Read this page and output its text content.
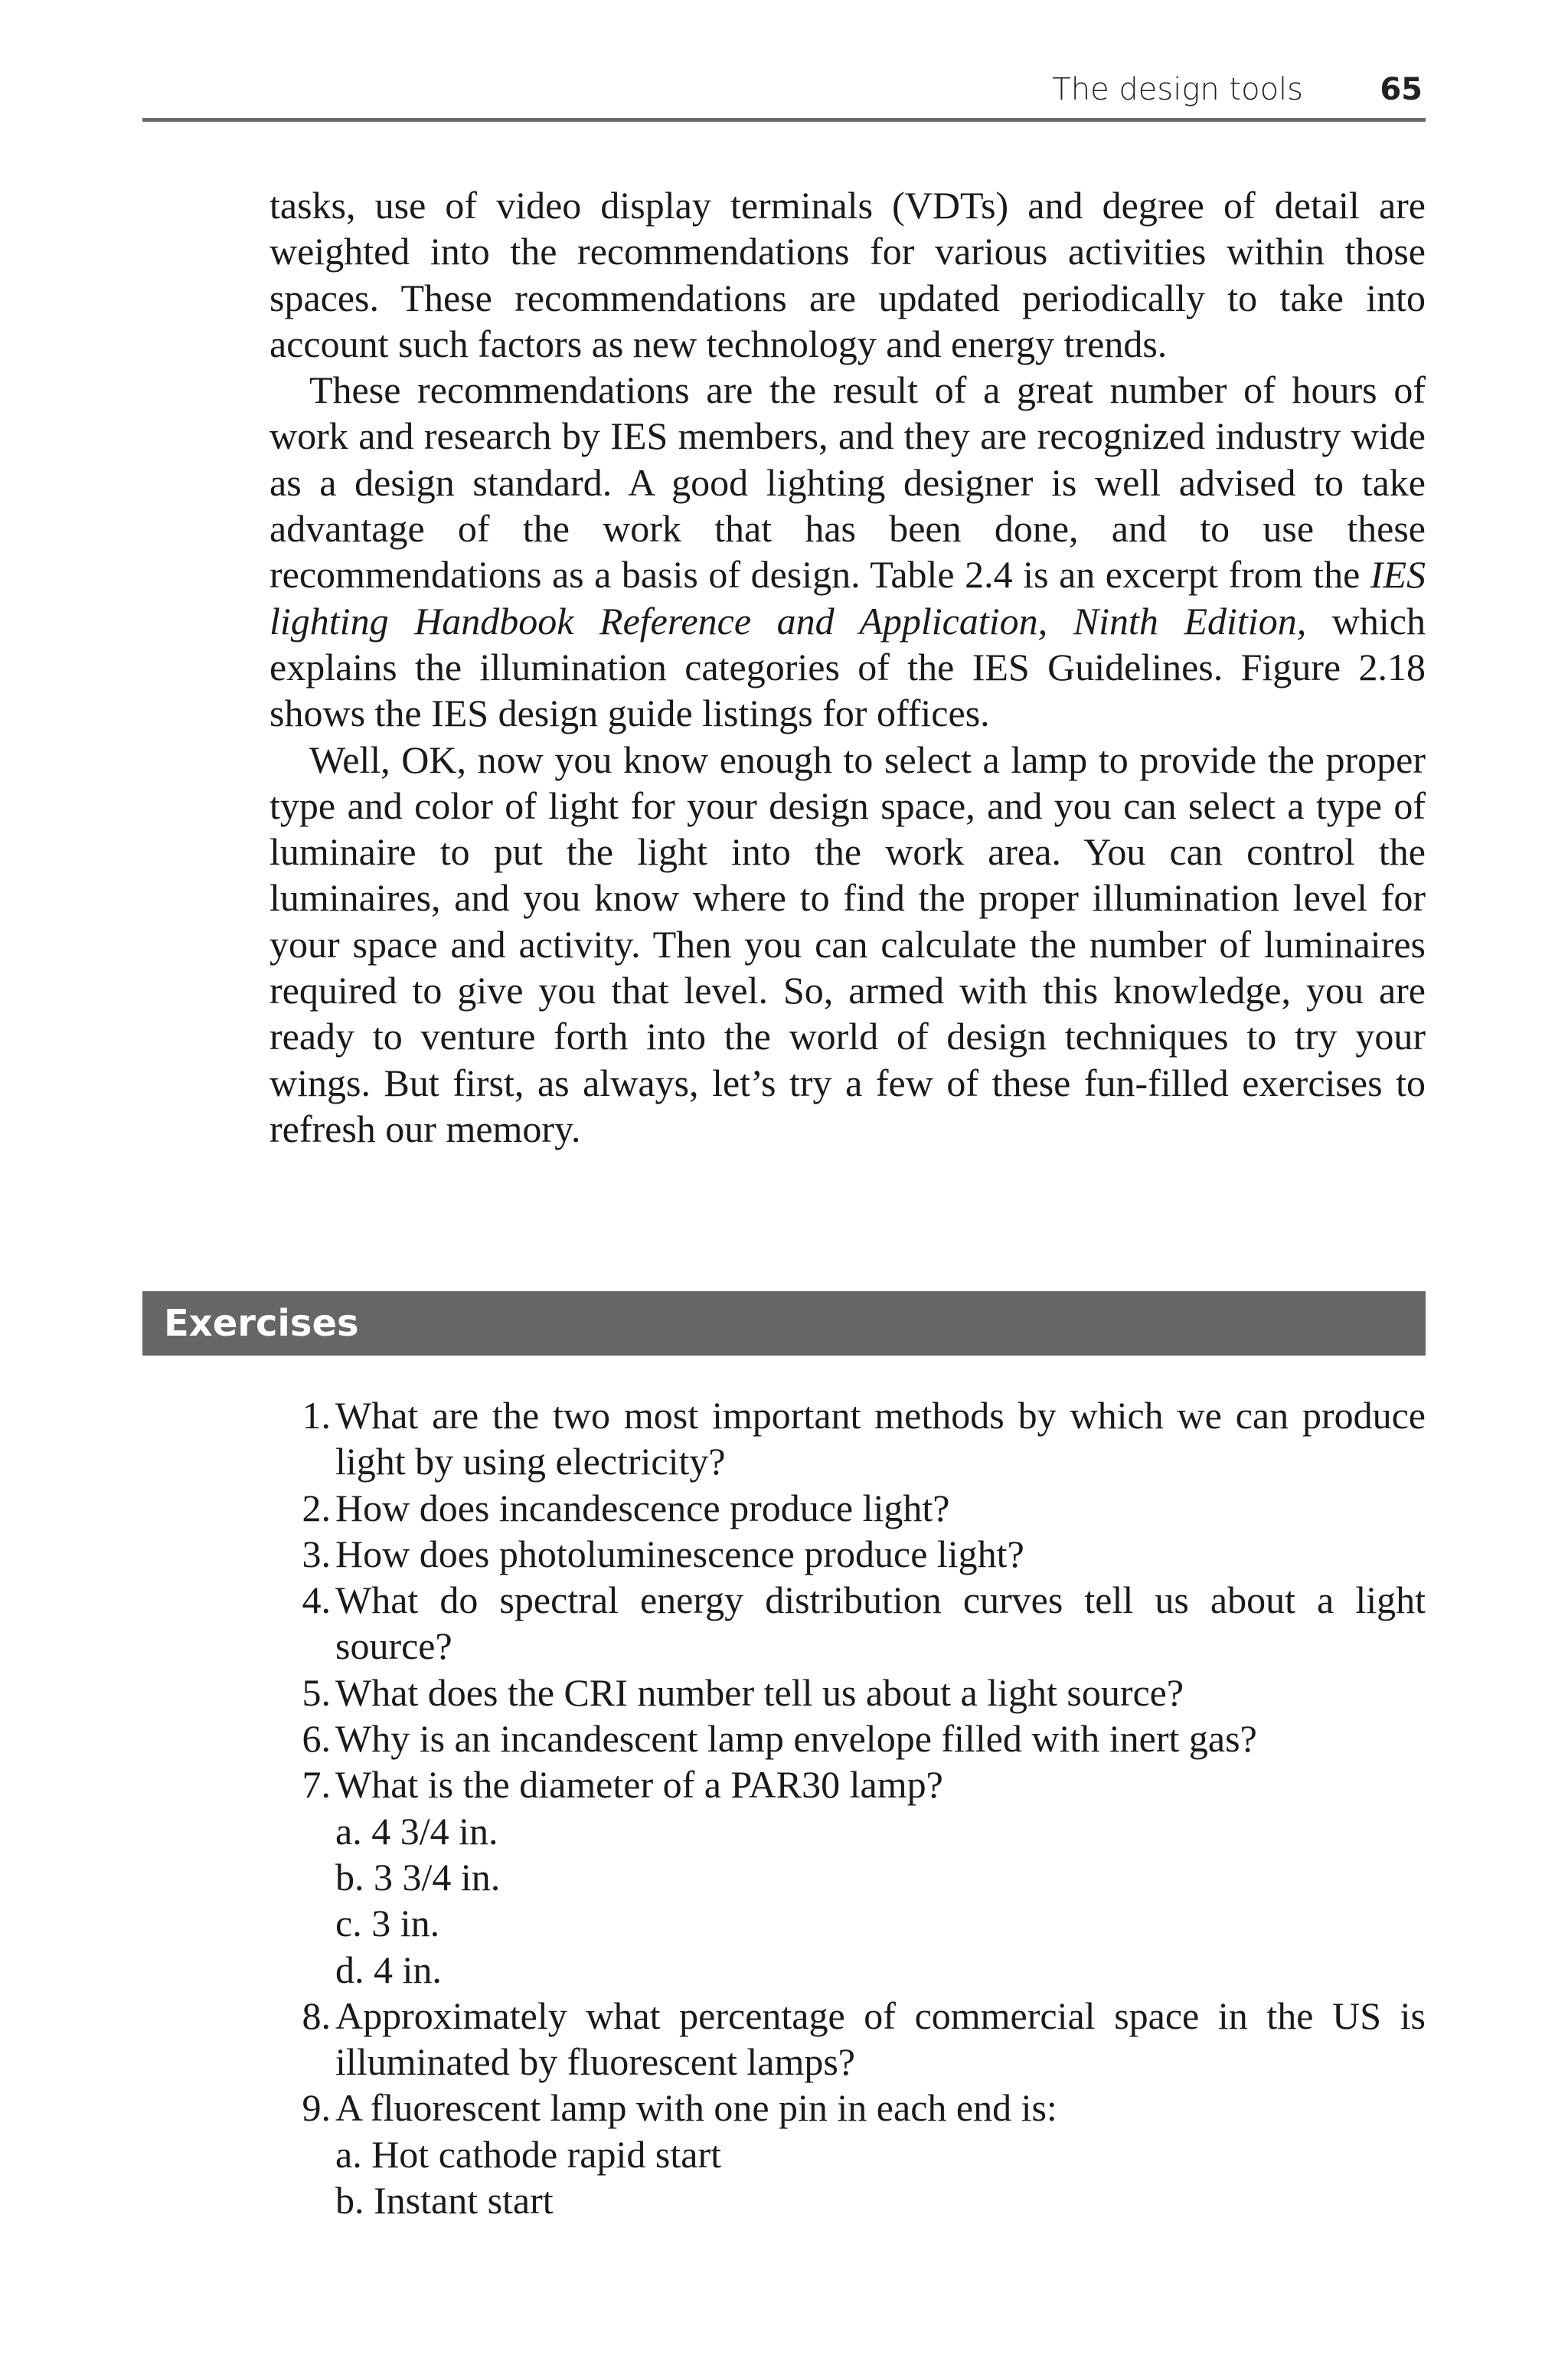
The design tools	65

tasks, use of video display terminals (VDTs) and degree of detail are weighted into the recommendations for various activities within those spaces. These recommendations are updated periodically to take into account such factors as new technology and energy trends.

These recommendations are the result of a great number of hours of work and research by IES members, and they are recognized industry wide as a design standard. A good lighting designer is well advised to take advantage of the work that has been done, and to use these recommendations as a basis of design. Table 2.4 is an excerpt from the IES lighting Handbook Reference and Application, Ninth Edition, which explains the illumination categories of the IES Guidelines. Figure 2.18 shows the IES design guide listings for offices.

Well, OK, now you know enough to select a lamp to provide the proper type and color of light for your design space, and you can select a type of luminaire to put the light into the work area. You can control the luminaires, and you know where to find the proper illumination level for your space and activity. Then you can calculate the number of luminaires required to give you that level. So, armed with this knowledge, you are ready to venture forth into the world of design techniques to try your wings. But first, as always, let’s try a few of these fun-filled exercises to refresh our memory.

Exercises
1. What are the two most important methods by which we can produce light by using electricity?
2. How does incandescence produce light?
3. How does photoluminescence produce light?
4. What do spectral energy distribution curves tell us about a light source?
5. What does the CRI number tell us about a light source?
6. Why is an incandescent lamp envelope filled with inert gas?
7. What is the diameter of a PAR30 lamp?
a. 4 3/4 in.
b. 3 3/4 in.
c. 3 in.
d. 4 in.
8. Approximately what percentage of commercial space in the US is illuminated by fluorescent lamps?
9. A fluorescent lamp with one pin in each end is:
a. Hot cathode rapid start
b. Instant start
